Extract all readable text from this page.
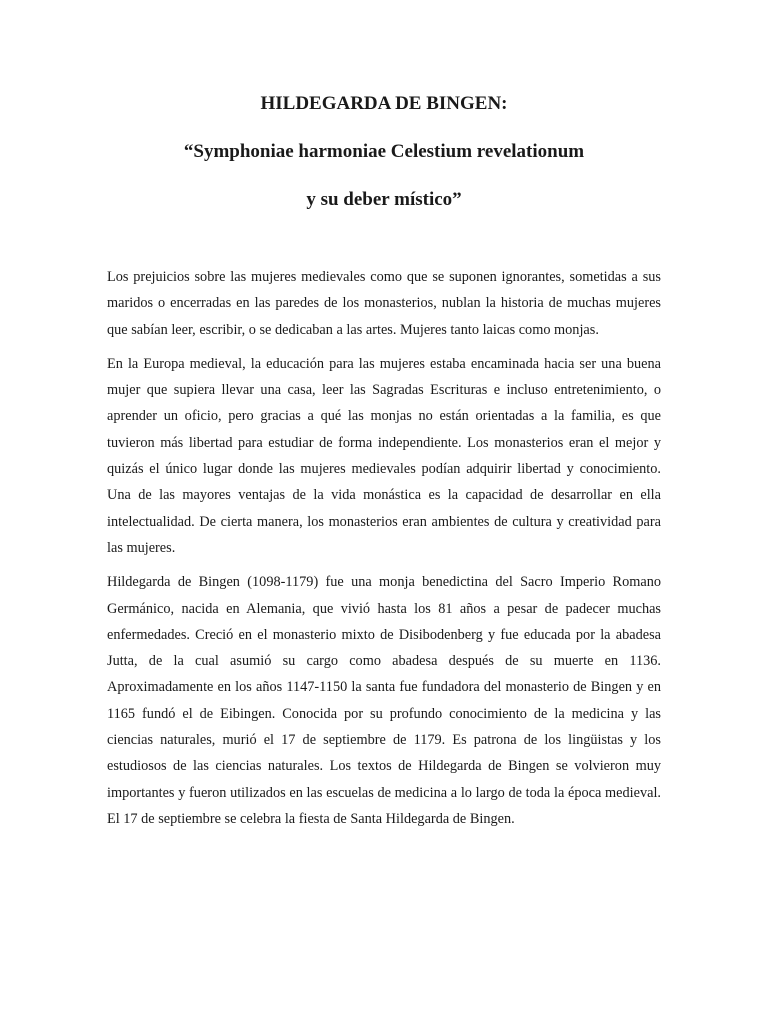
HILDEGARDA DE BINGEN:
“Symphoniae harmoniae Celestium revelationum
y su deber místico”

Los prejuicios sobre las mujeres medievales como que se suponen ignorantes, sometidas a sus maridos o encerradas en las paredes de los monasterios, nublan la historia de muchas mujeres que sabían leer, escribir, o se dedicaban a las artes. Mujeres tanto laicas como monjas.

En la Europa medieval, la educación para las mujeres estaba encaminada hacia ser una buena mujer que supiera llevar una casa, leer las Sagradas Escrituras e incluso entretenimiento, o aprender un oficio, pero gracias a qué las monjas no están orientadas a la familia, es que tuvieron más libertad para estudiar de forma independiente. Los monasterios eran el mejor y quizás el único lugar donde las mujeres medievales podían adquirir libertad y conocimiento. Una de las mayores ventajas de la vida monástica es la capacidad de desarrollar en ella intelectualidad. De cierta manera, los monasterios eran ambientes de cultura y creatividad para las mujeres.

Hildegarda de Bingen (1098-1179) fue una monja benedictina del Sacro Imperio Romano Germánico, nacida en Alemania, que vivió hasta los 81 años a pesar de padecer muchas enfermedades. Creció en el monasterio mixto de Disibodenberg y fue educada por la abadesa Jutta, de la cual asumió su cargo como abadesa después de su muerte en 1136. Aproximadamente en los años 1147-1150 la santa fue fundadora del monasterio de Bingen y en 1165 fundó el de Eibingen. Conocida por su profundo conocimiento de la medicina y las ciencias naturales, murió el 17 de septiembre de 1179. Es patrona de los lingüistas y los estudiosos de las ciencias naturales. Los textos de Hildegarda de Bingen se volvieron muy importantes y fueron utilizados en las escuelas de medicina a lo largo de toda la época medieval. El 17 de septiembre se celebra la fiesta de Santa Hildegarda de Bingen.
